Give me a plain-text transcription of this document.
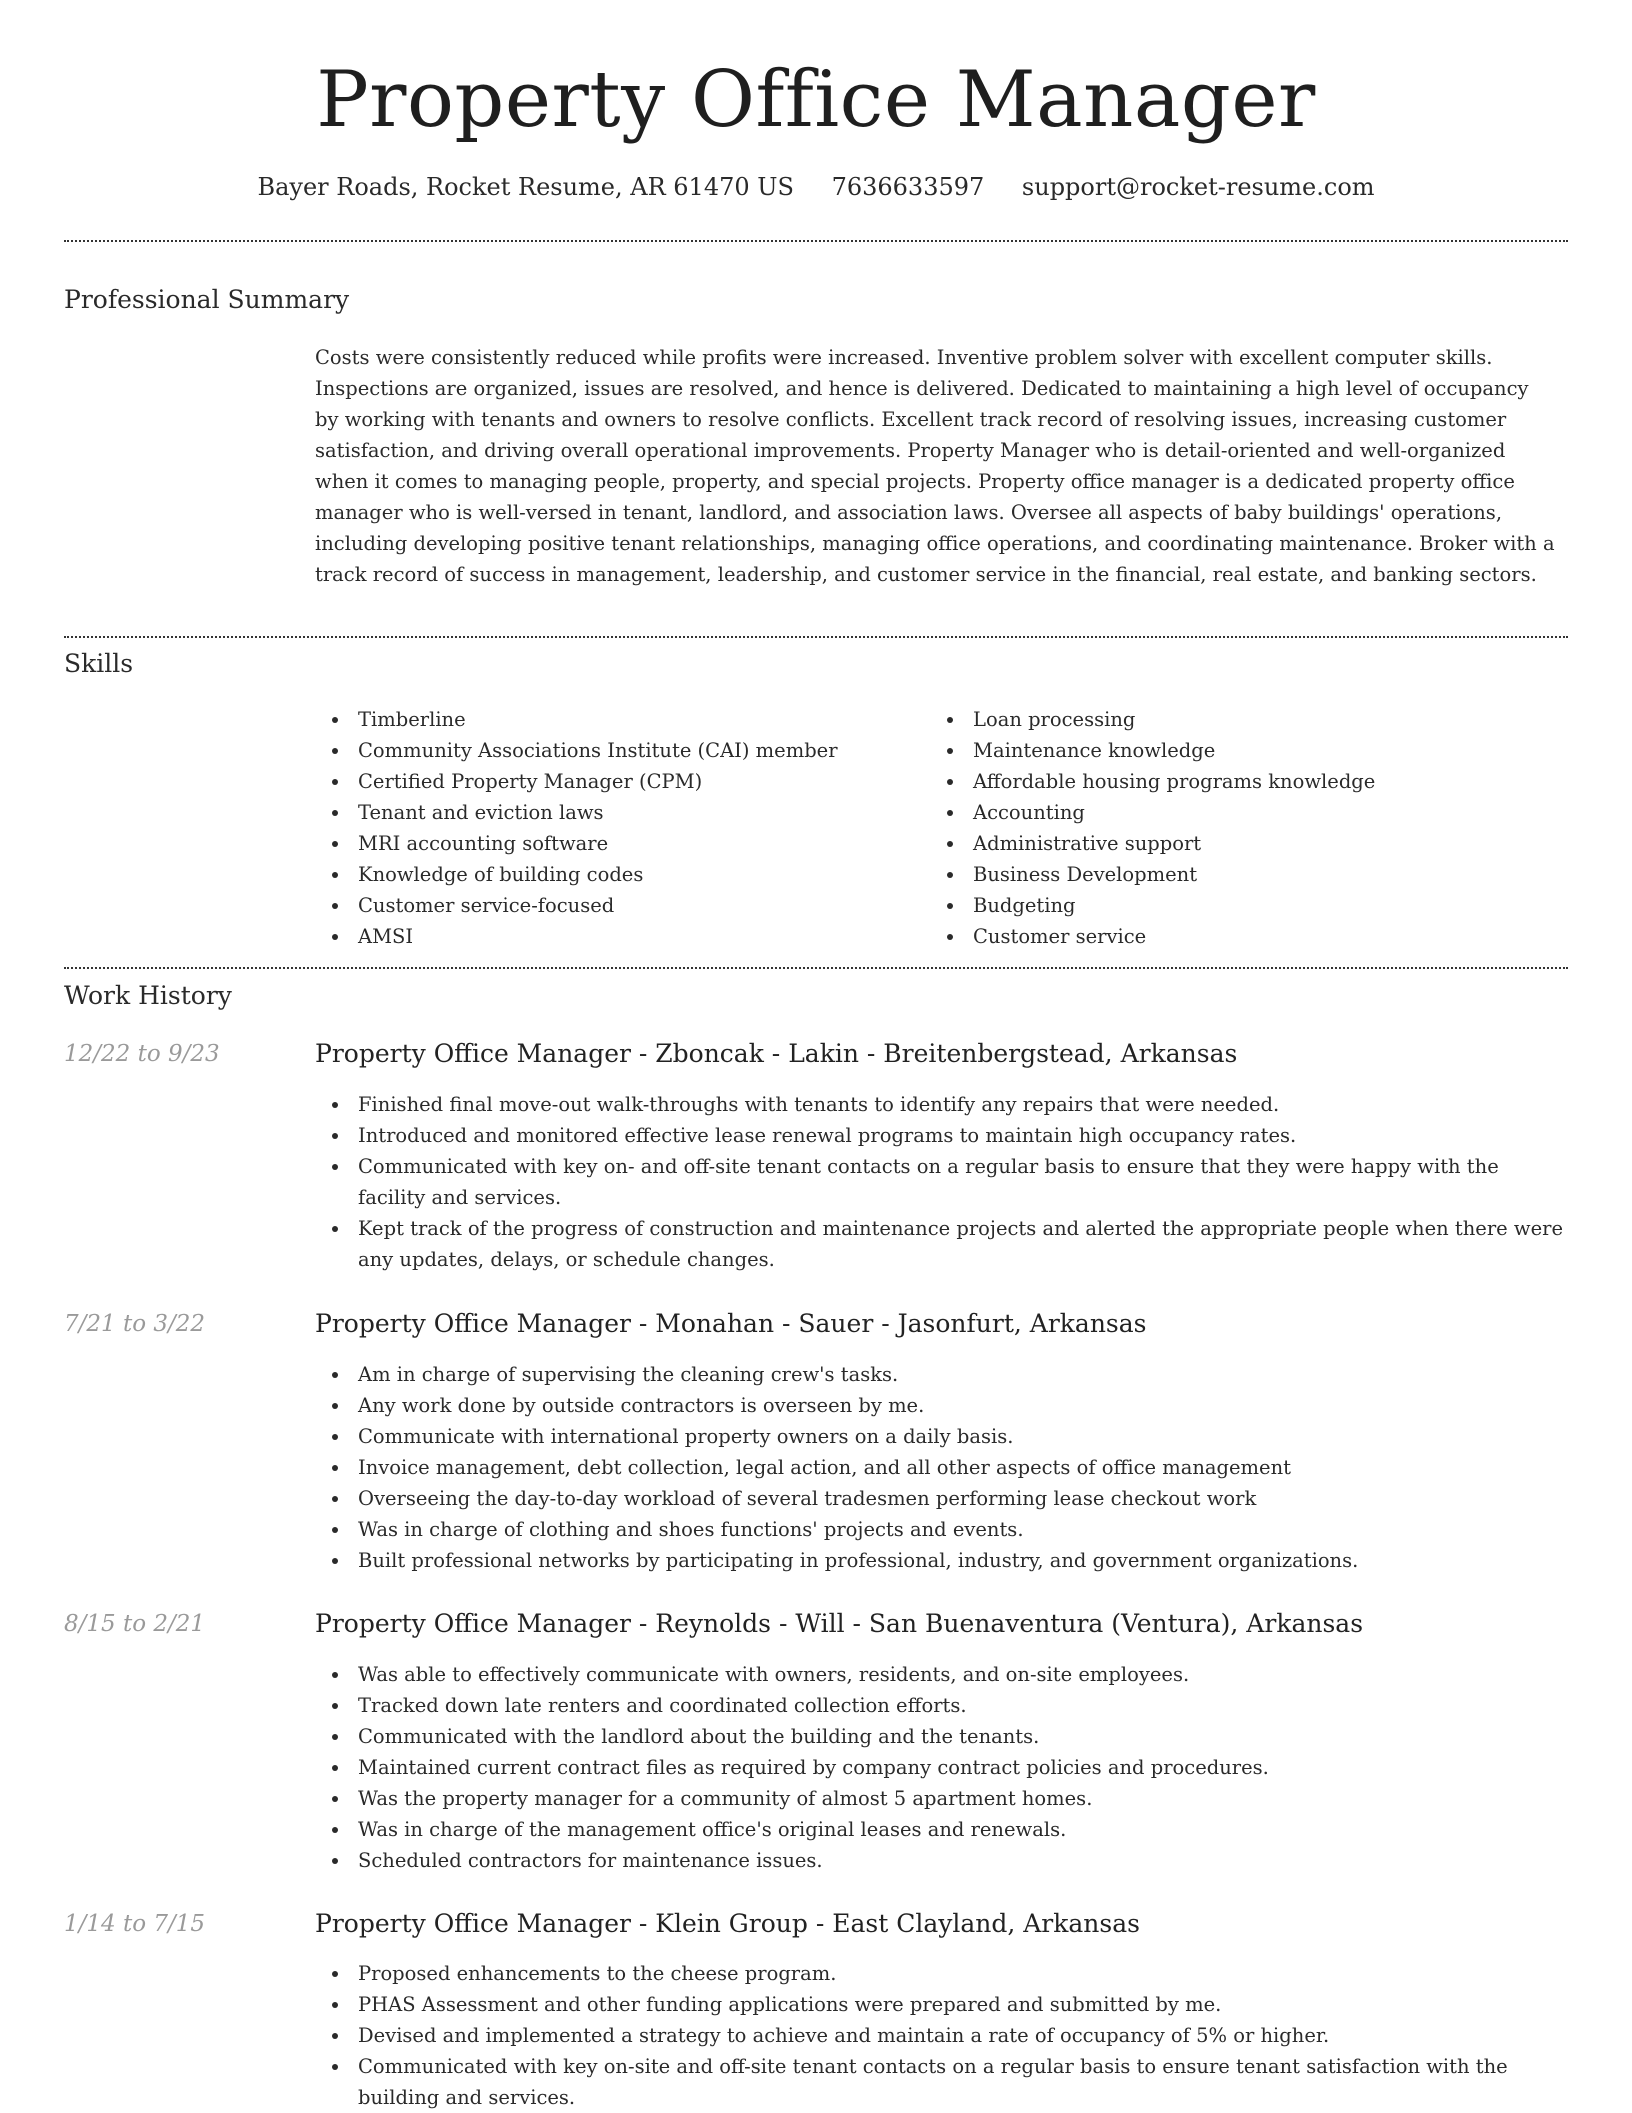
Property Office Manager
Bayer Roads, Rocket Resume, AR 61470 US 7636633597 support@rocket-resume.com
Professional Summary

Costs were consistently reduced while profits were increased. Inventive problem solver with excellent computer skills. Inspections are organized, issues are resolved, and hence is delivered. Dedicated to maintaining a high level of occupancy by working with tenants and owners to resolve conflicts. Excellent track record of resolving issues, increasing customer satisfaction, and driving overall operational improvements. Property Manager who is detail-oriented and well-organized when it comes to managing people, property, and special projects. Property office manager is a dedicated property office manager who is well-versed in tenant, landlord, and association laws. Oversee all aspects of baby buildings' operations, including developing positive tenant relationships, managing office operations, and coordinating maintenance. Broker with a track record of success in management, leadership, and customer service in the financial, real estate, and banking sectors.

Skills
Timberline
Community Associations Institute (CAI) member
Certified Property Manager (CPM)
Tenant and eviction laws
MRI accounting software
Knowledge of building codes
Customer service-focused
AMSI
Loan processing
Maintenance knowledge
Affordable housing programs knowledge
Accounting
Administrative support
Business Development
Budgeting
Customer service
Work History
12/22 to 9/23	Property Office Manager - Zboncak - Lakin - Breitenbergstead, Arkansas
Finished final move-out walk-throughs with tenants to identify any repairs that were needed.
Introduced and monitored effective lease renewal programs to maintain high occupancy rates.
Communicated with key on- and off-site tenant contacts on a regular basis to ensure that they were happy with the facility and services.
Kept track of the progress of construction and maintenance projects and alerted the appropriate people when there were any updates, delays, or schedule changes.
7/21 to 3/22	Property Office Manager - Monahan - Sauer - Jasonfurt, Arkansas
Am in charge of supervising the cleaning crew's tasks.
Any work done by outside contractors is overseen by me.
Communicate with international property owners on a daily basis.
Invoice management, debt collection, legal action, and all other aspects of office management
Overseeing the day-to-day workload of several tradesmen performing lease checkout work
Was in charge of clothing and shoes functions' projects and events.
Built professional networks by participating in professional, industry, and government organizations.
8/15 to 2/21	Property Office Manager - Reynolds - Will - San Buenaventura (Ventura), Arkansas
Was able to effectively communicate with owners, residents, and on-site employees.
Tracked down late renters and coordinated collection efforts.
Communicated with the landlord about the building and the tenants.
Maintained current contract files as required by company contract policies and procedures.
Was the property manager for a community of almost 5 apartment homes.
Was in charge of the management office's original leases and renewals.
Scheduled contractors for maintenance issues.
1/14 to 7/15	Property Office Manager - Klein Group - East Clayland, Arkansas
Proposed enhancements to the cheese program.
PHAS Assessment and other funding applications were prepared and submitted by me.
Devised and implemented a strategy to achieve and maintain a rate of occupancy of 5% or higher.
Communicated with key on-site and off-site tenant contacts on a regular basis to ensure tenant satisfaction with the building and services.
